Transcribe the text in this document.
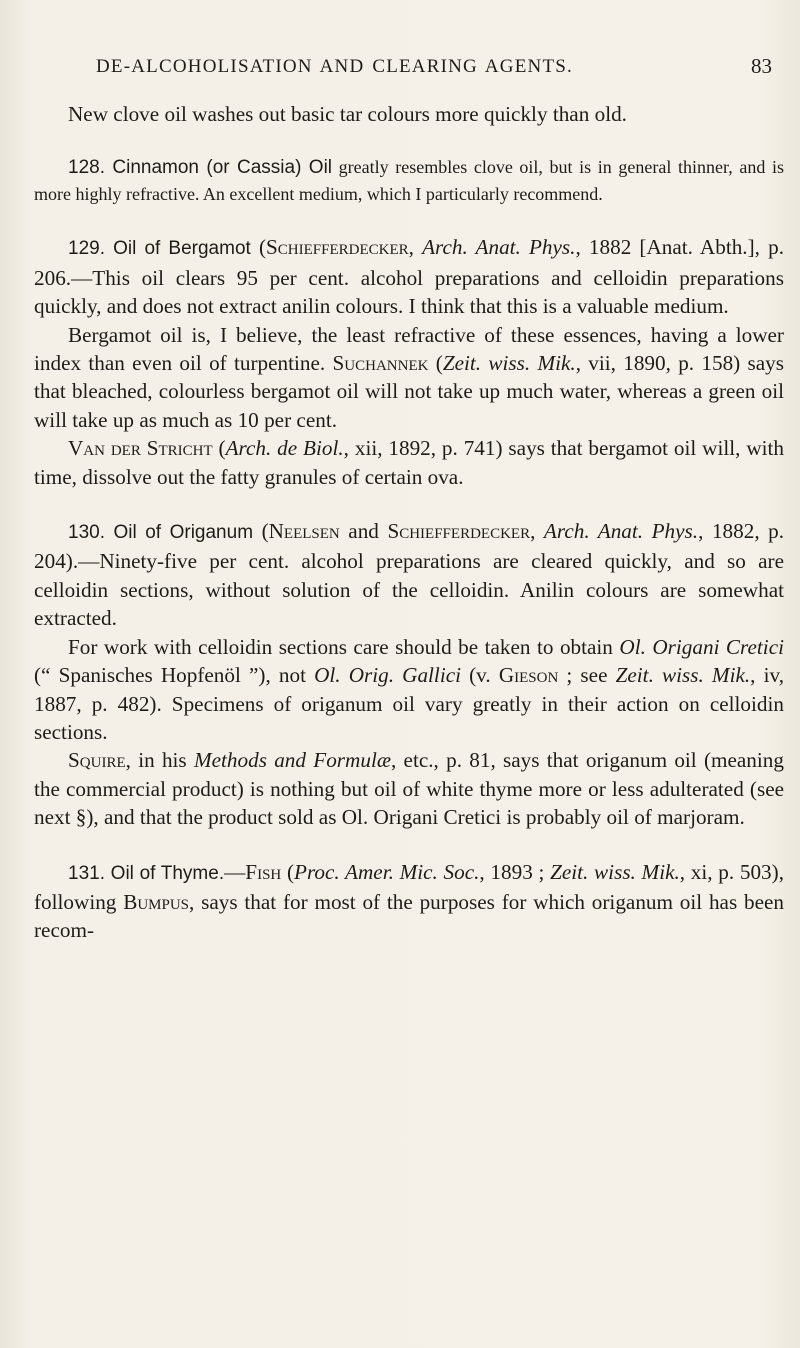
DE-ALCOHOLISATION AND CLEARING AGENTS.	83

New clove oil washes out basic tar colours more quickly than old.

128. Cinnamon (or Cassia) Oil greatly resembles clove oil, but is in general thinner, and is more highly refractive. An excellent medium, which I particularly recommend.

129. Oil of Bergamot (Schiefferdecker, Arch. Anat. Phys., 1882 [Anat. Abth.], p. 206.—This oil clears 95 per cent. alcohol preparations and celloidin preparations quickly, and does not extract anilin colours. I think that this is a valuable medium.

Bergamot oil is, I believe, the least refractive of these essences, having a lower index than even oil of turpentine. Suchannek (Zeit. wiss. Mik., vii, 1890, p. 158) says that bleached, colourless bergamot oil will not take up much water, whereas a green oil will take up as much as 10 per cent.

Van der Stricht (Arch. de Biol., xii, 1892, p. 741) says that bergamot oil will, with time, dissolve out the fatty granules of certain ova.

130. Oil of Origanum (Neelsen and Schiefferdecker, Arch. Anat. Phys., 1882, p. 204).—Ninety-five per cent. alcohol preparations are cleared quickly, and so are celloidin sections, without solution of the celloidin. Anilin colours are somewhat extracted.

For work with celloidin sections care should be taken to obtain Ol. Origani Cretici (“ Spanisches Hopfenöl ”), not Ol. Orig. Gallici (v. Gieson ; see Zeit. wiss. Mik., iv, 1887, p. 482). Specimens of origanum oil vary greatly in their action on celloidin sections.

Squire, in his Methods and Formulæ, etc., p. 81, says that origanum oil (meaning the commercial product) is nothing but oil of white thyme more or less adulterated (see next §), and that the product sold as Ol. Origani Cretici is probably oil of marjoram.

131. Oil of Thyme.—Fish (Proc. Amer. Mic. Soc., 1893 ; Zeit. wiss. Mik., xi, p. 503), following Bumpus, says that for most of the purposes for which origanum oil has been recom-
